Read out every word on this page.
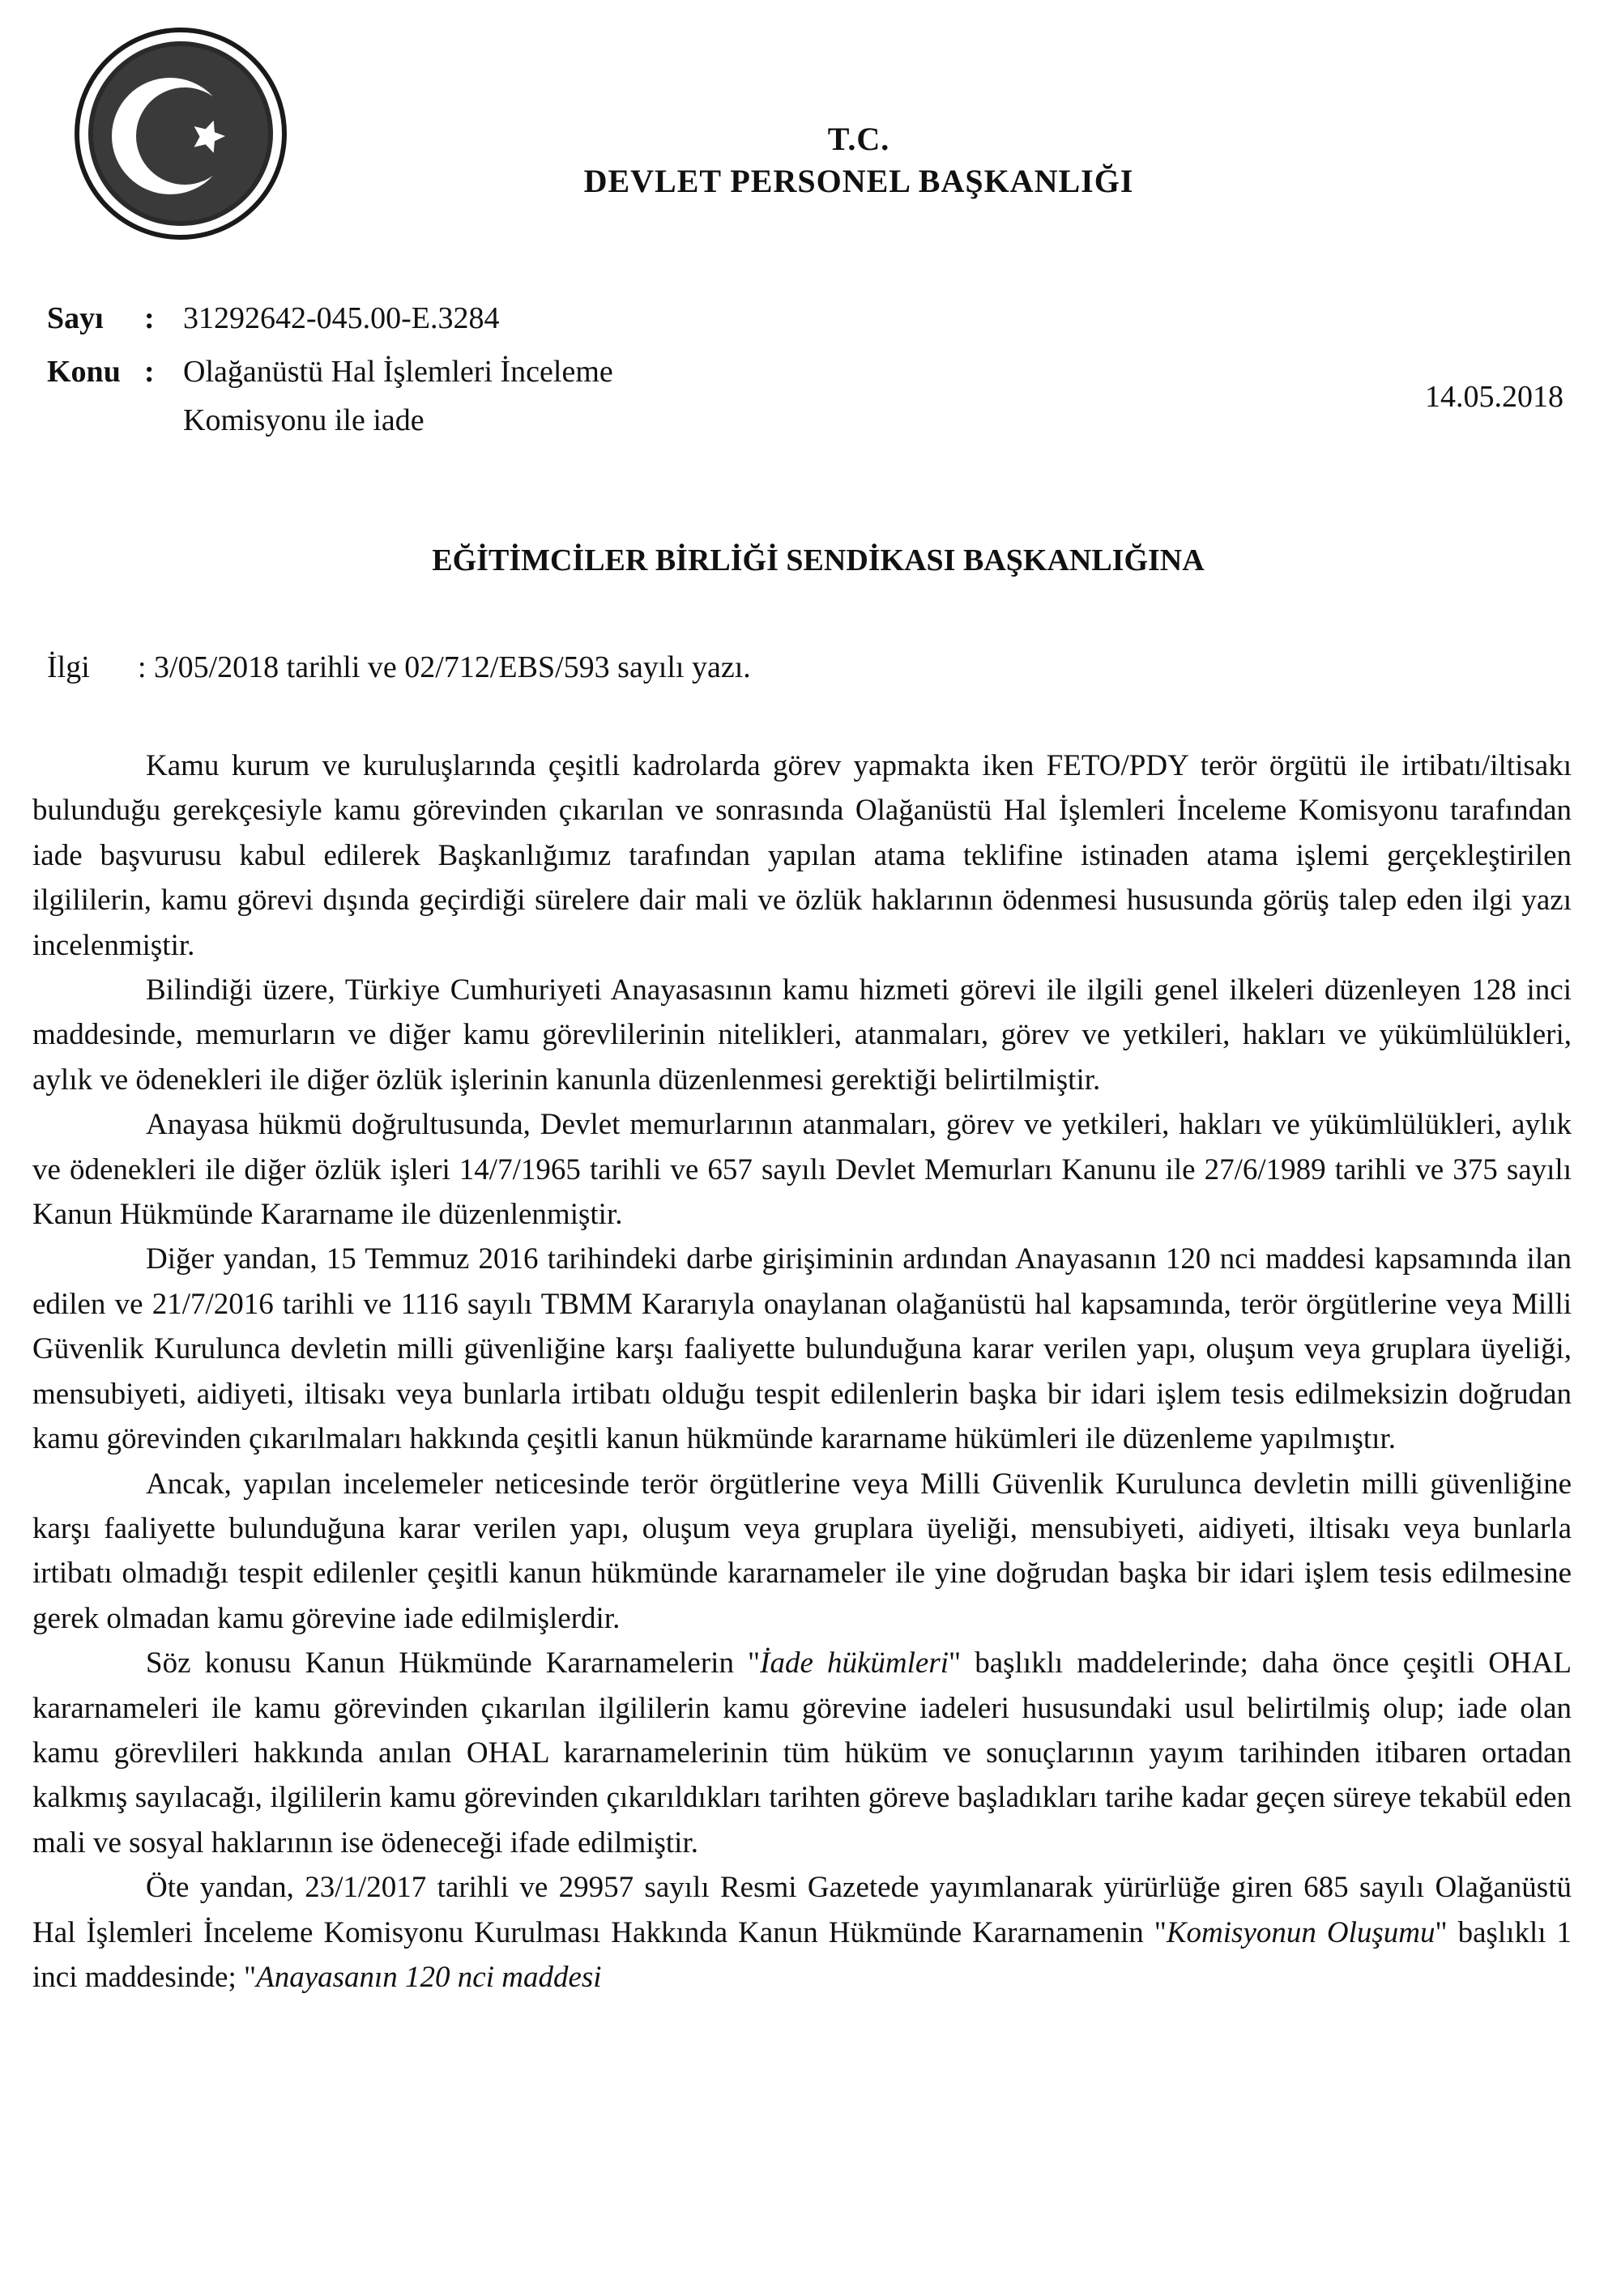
T.C.
DEVLET PERSONEL BAŞKANLIĞI
Sayı : 31292642-045.00-E.3284
Konu : Olağanüstü Hal İşlemleri İnceleme
Komisyonu ile iade
14.05.2018
EĞİTİMCİLER BİRLİĞİ SENDİKASI BAŞKANLIĞINA
İlgi : 3/05/2018 tarihli ve 02/712/EBS/593 sayılı yazı.

Kamu kurum ve kuruluşlarında çeşitli kadrolarda görev yapmakta iken FETO/PDY terör örgütü ile irtibatı/iltisakı bulunduğu gerekçesiyle kamu görevinden çıkarılan ve sonrasında Olağanüstü Hal İşlemleri İnceleme Komisyonu tarafından iade başvurusu kabul edilerek Başkanlığımız tarafından yapılan atama teklifine istinaden atama işlemi gerçekleştirilen ilgililerin, kamu görevi dışında geçirdiği sürelere dair mali ve özlük haklarının ödenmesi hususunda görüş talep eden ilgi yazı incelenmiştir.

Bilindiği üzere, Türkiye Cumhuriyeti Anayasasının kamu hizmeti görevi ile ilgili genel ilkeleri düzenleyen 128 inci maddesinde, memurların ve diğer kamu görevlilerinin nitelikleri, atanmaları, görev ve yetkileri, hakları ve yükümlülükleri, aylık ve ödenekleri ile diğer özlük işlerinin kanunla düzenlenmesi gerektiği belirtilmiştir.

Anayasa hükmü doğrultusunda, Devlet memurlarının atanmaları, görev ve yetkileri, hakları ve yükümlülükleri, aylık ve ödenekleri ile diğer özlük işleri 14/7/1965 tarihli ve 657 sayılı Devlet Memurları Kanunu ile 27/6/1989 tarihli ve 375 sayılı Kanun Hükmünde Kararname ile düzenlenmiştir.

Diğer yandan, 15 Temmuz 2016 tarihindeki darbe girişiminin ardından Anayasanın 120 nci maddesi kapsamında ilan edilen ve 21/7/2016 tarihli ve 1116 sayılı TBMM Kararıyla onaylanan olağanüstü hal kapsamında, terör örgütlerine veya Milli Güvenlik Kurulunca devletin milli güvenliğine karşı faaliyette bulunduğuna karar verilen yapı, oluşum veya gruplara üyeliği, mensubiyeti, aidiyeti, iltisakı veya bunlarla irtibatı olduğu tespit edilenlerin başka bir idari işlem tesis edilmeksizin doğrudan kamu görevinden çıkarılmaları hakkında çeşitli kanun hükmünde kararname hükümleri ile düzenleme yapılmıştır.

Ancak, yapılan incelemeler neticesinde terör örgütlerine veya Milli Güvenlik Kurulunca devletin milli güvenliğine karşı faaliyette bulunduğuna karar verilen yapı, oluşum veya gruplara üyeliği, mensubiyeti, aidiyeti, iltisakı veya bunlarla irtibatı olmadığı tespit edilenler çeşitli kanun hükmünde kararnameler ile yine doğrudan başka bir idari işlem tesis edilmesine gerek olmadan kamu görevine iade edilmişlerdir.

Söz konusu Kanun Hükmünde Kararnamelerin "İade hükümleri" başlıklı maddelerinde; daha önce çeşitli OHAL kararnameleri ile kamu görevinden çıkarılan ilgililerin kamu görevine iadeleri hususundaki usul belirtilmiş olup; iade olan kamu görevlileri hakkında anılan OHAL kararnamelerinin tüm hüküm ve sonuçlarının yayım tarihinden itibaren ortadan kalkmış sayılacağı, ilgililerin kamu görevinden çıkarıldıkları tarihten göreve başladıkları tarihe kadar geçen süreye tekabül eden mali ve sosyal haklarının ise ödeneceği ifade edilmiştir.

Öte yandan, 23/1/2017 tarihli ve 29957 sayılı Resmi Gazetede yayımlanarak yürürlüğe giren 685 sayılı Olağanüstü Hal İşlemleri İnceleme Komisyonu Kurulması Hakkında Kanun Hükmünde Kararnamenin "Komisyonun Oluşumu" başlıklı 1 inci maddesinde; "Anayasanın 120 nci maddesi
